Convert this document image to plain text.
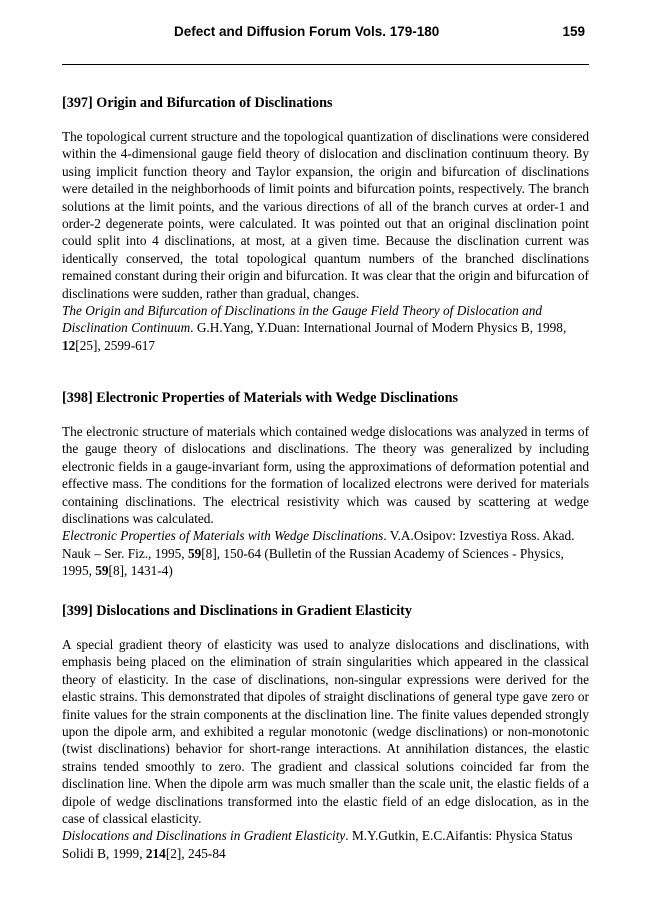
Defect and Diffusion Forum Vols. 179-180	159
[397] Origin and Bifurcation of Disclinations

The topological current structure and the topological quantization of disclinations were considered within the 4-dimensional gauge field theory of dislocation and disclination continuum theory. By using implicit function theory and Taylor expansion, the origin and bifurcation of disclinations were detailed in the neighborhoods of limit points and bifurcation points, respectively. The branch solutions at the limit points, and the various directions of all of the branch curves at order-1 and order-2 degenerate points, were calculated. It was pointed out that an original disclination point could split into 4 disclinations, at most, at a given time. Because the disclination current was identically conserved, the total topological quantum numbers of the branched disclinations remained constant during their origin and bifurcation. It was clear that the origin and bifurcation of disclinations were sudden, rather than gradual, changes.

The Origin and Bifurcation of Disclinations in the Gauge Field Theory of Dislocation and Disclination Continuum. G.H.Yang, Y.Duan: International Journal of Modern Physics B, 1998, 12[25], 2599-617

[398] Electronic Properties of Materials with Wedge Disclinations

The electronic structure of materials which contained wedge dislocations was analyzed in terms of the gauge theory of dislocations and disclinations. The theory was generalized by including electronic fields in a gauge-invariant form, using the approximations of deformation potential and effective mass. The conditions for the formation of localized electrons were derived for materials containing disclinations. The electrical resistivity which was caused by scattering at wedge disclinations was calculated.

Electronic Properties of Materials with Wedge Disclinations. V.A.Osipov: Izvestiya Ross. Akad. Nauk – Ser. Fiz., 1995, 59[8], 150-64 (Bulletin of the Russian Academy of Sciences - Physics, 1995, 59[8], 1431-4)

[399] Dislocations and Disclinations in Gradient Elasticity

A special gradient theory of elasticity was used to analyze dislocations and disclinations, with emphasis being placed on the elimination of strain singularities which appeared in the classical theory of elasticity. In the case of disclinations, non-singular expressions were derived for the elastic strains. This demonstrated that dipoles of straight disclinations of general type gave zero or finite values for the strain components at the disclination line. The finite values depended strongly upon the dipole arm, and exhibited a regular monotonic (wedge disclinations) or non-monotonic (twist disclinations) behavior for short-range interactions. At annihilation distances, the elastic strains tended smoothly to zero. The gradient and classical solutions coincided far from the disclination line. When the dipole arm was much smaller than the scale unit, the elastic fields of a dipole of wedge disclinations transformed into the elastic field of an edge dislocation, as in the case of classical elasticity.

Dislocations and Disclinations in Gradient Elasticity. M.Y.Gutkin, E.C.Aifantis: Physica Status Solidi B, 1999, 214[2], 245-84
